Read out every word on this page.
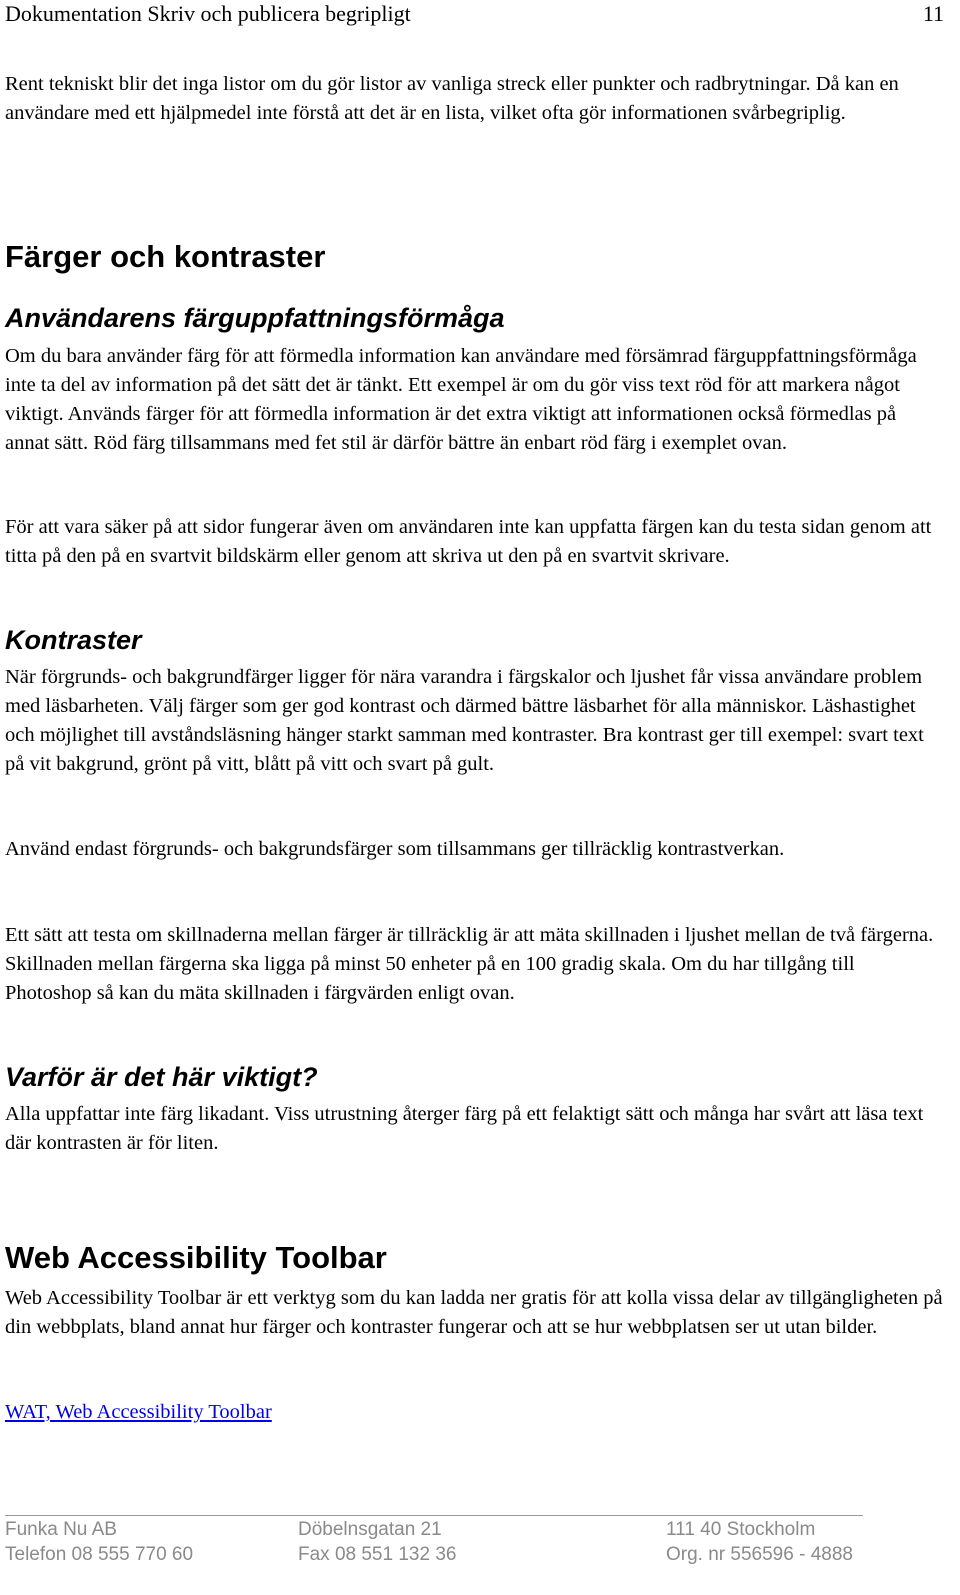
Dokumentation Skriv och publicera begripligt	11

Rent tekniskt blir det inga listor om du gör listor av vanliga streck eller punkter och radbrytningar. Då kan en användare med ett hjälpmedel inte förstå att det är en lista, vilket ofta gör informationen svårbegriplig.

Färger och kontraster
Användarens färguppfattningsförmåga

Om du bara använder färg för att förmedla information kan användare med försämrad färguppfattningsförmåga inte ta del av information på det sätt det är tänkt. Ett exempel är om du gör viss text röd för att markera något viktigt. Används färger för att förmedla information är det extra viktigt att informationen också förmedlas på annat sätt. Röd färg tillsammans med fet stil är därför bättre än enbart röd färg i exemplet ovan.

För att vara säker på att sidor fungerar även om användaren inte kan uppfatta färgen kan du testa sidan genom att titta på den på en svartvit bildskärm eller genom att skriva ut den på en svartvit skrivare.

Kontraster

När förgrunds- och bakgrundfärger ligger för nära varandra i färgskalor och ljushet får vissa användare problem med läsbarheten. Välj färger som ger god kontrast och därmed bättre läsbarhet för alla människor. Läshastighet och möjlighet till avståndsläsning hänger starkt samman med kontraster. Bra kontrast ger till exempel: svart text på vit bakgrund, grönt på vitt, blått på vitt och svart på gult.

Använd endast förgrunds- och bakgrundsfärger som tillsammans ger tillräcklig kontrastverkan.

Ett sätt att testa om skillnaderna mellan färger är tillräcklig är att mäta skillnaden i ljushet mellan de två färgerna. Skillnaden mellan färgerna ska ligga på minst 50 enheter på en 100 gradig skala. Om du har tillgång till Photoshop så kan du mäta skillnaden i färgvärden enligt ovan.

Varför är det här viktigt?

Alla uppfattar inte färg likadant. Viss utrustning återger färg på ett felaktigt sätt och många har svårt att läsa text där kontrasten är för liten.

Web Accessibility Toolbar

Web Accessibility Toolbar är ett verktyg som du kan ladda ner gratis för att kolla vissa delar av tillgängligheten på din webbplats, bland annat hur färger och kontraster fungerar och att se hur webbplatsen ser ut utan bilder.

WAT, Web Accessibility Toolbar
Funka Nu AB
Telefon 08 555 770 60
Döbelnsgatan 21
Fax 08 551 132 36
111 40 Stockholm
Org. nr 556596 - 4888
